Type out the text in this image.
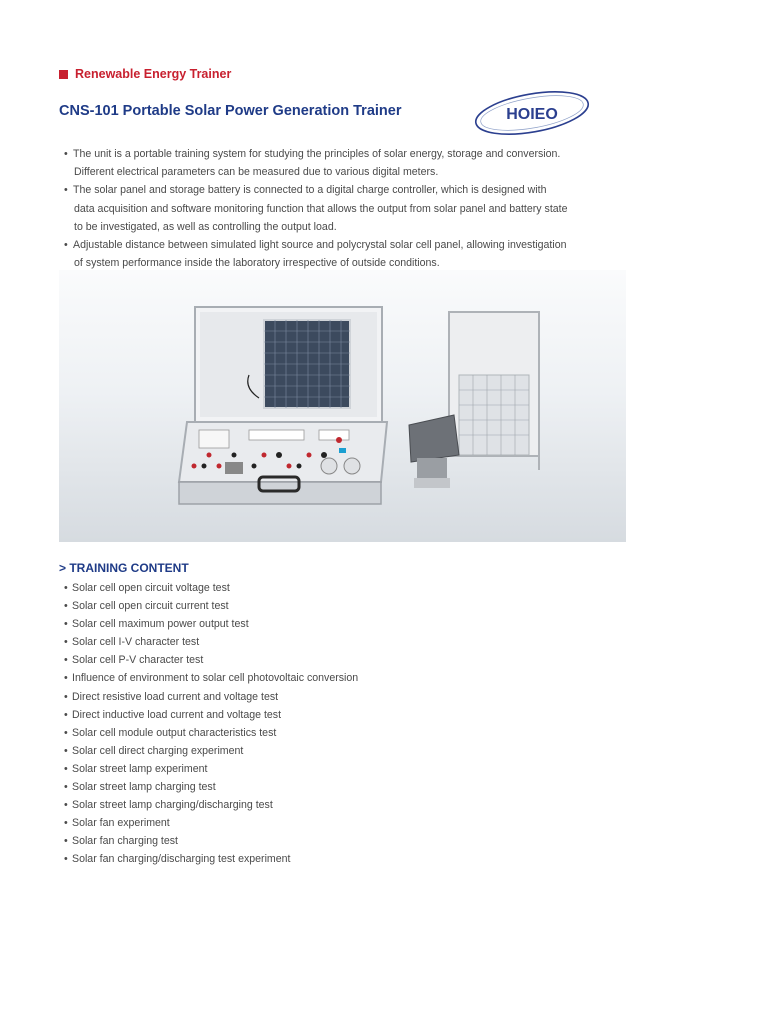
Renewable Energy Trainer
CNS-101 Portable Solar Power Generation Trainer	HOIEO
• The unit is a portable training system for studying the principles of solar energy, storage and conversion.
Different electrical parameters can be measured due to various digital meters.
• The solar panel and storage battery is connected to a digital charge controller, which is designed with
data acquisition and software monitoring function that allows the output from solar panel and battery state
to be investigated, as well as controlling the output load.
• Adjustable distance between simulated light source and polycrystal solar cell panel, allowing investigation
of system performance inside the laboratory irrespective of outside conditions.
> TRAINING CONTENT
• Solar cell open circuit voltage test
• Solar cell open circuit current test
• Solar cell maximum power output test
• Solar cell I-V character test
• Solar cell P-V character test
• Influence of environment to solar cell photovoltaic conversion
• Direct resistive load current and voltage test
• Direct inductive load current and voltage test
• Solar cell module output characteristics test
• Solar cell direct charging experiment
• Solar street lamp experiment
• Solar street lamp charging test
• Solar street lamp charging/discharging test
• Solar fan experiment
• Solar fan charging test
• Solar fan charging/discharging test experiment
